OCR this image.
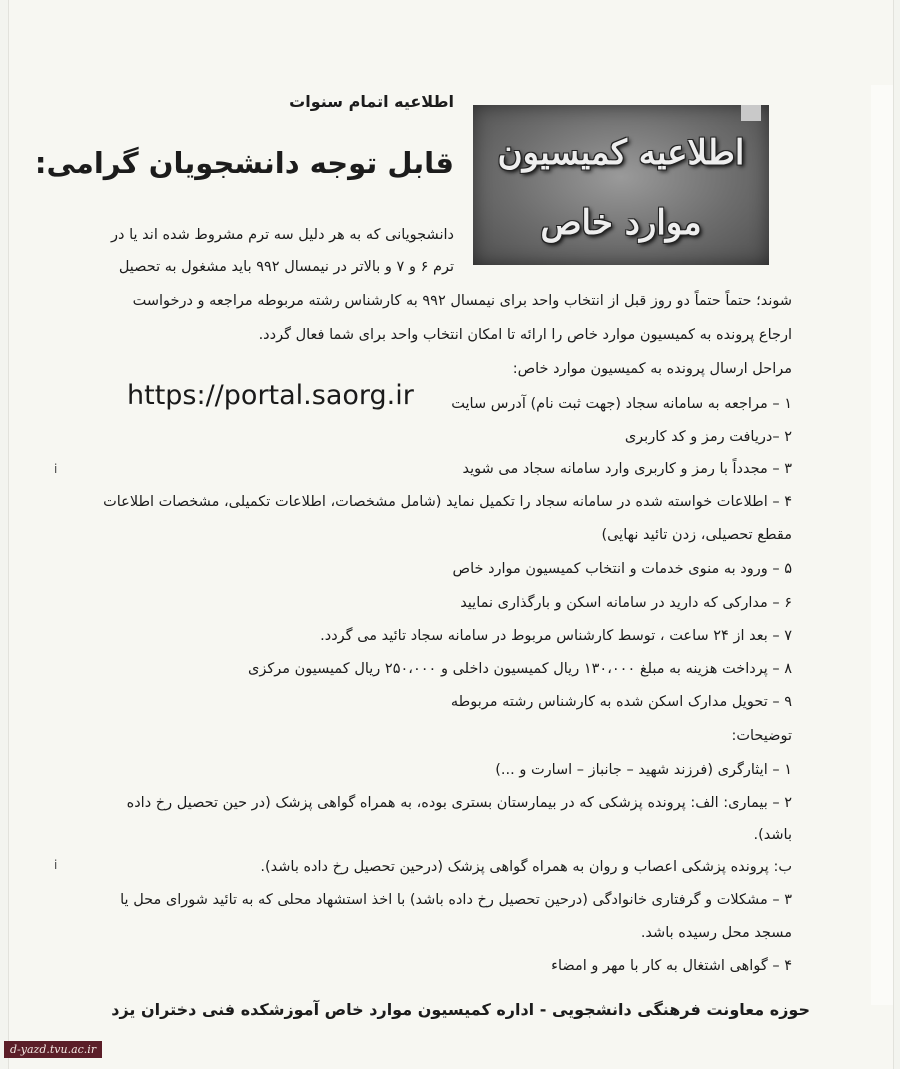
اطلاعیه کمیسیون
موارد خاص
اطلاعیه اتمام سنوات
قابل توجه دانشجویان گرامی:
دانشجویانی که به هر دلیل سه ترم مشروط شده اند یا در
ترم ۶ و ۷ و بالاتر در نیمسال ۹۹۲ باید مشغول به تحصیل
شوند؛ حتماً حتماً دو روز قبل از انتخاب واحد برای نیمسال ۹۹۲ به کارشناس رشته مربوطه مراجعه و درخواست
ارجاع پرونده به کمیسیون موارد خاص را ارائه تا امکان انتخاب واحد برای شما فعال گردد.
مراحل ارسال پرونده به کمیسیون موارد خاص:
۱ – مراجعه به سامانه سجاد (جهت ثبت نام) آدرس سایت
https://portal.saorg.ir
۲ –دریافت رمز و کد کاربری
۳ – مجدداً با رمز و کاربری وارد سامانه سجاد می شوید
۴ – اطلاعات خواسته شده در سامانه سجاد را تکمیل نماید (شامل مشخصات، اطلاعات تکمیلی، مشخصات اطلاعات
مقطع تحصیلی، زدن تائید نهایی)
۵ – ورود به منوی خدمات و انتخاب کمیسیون موارد خاص
۶ – مدارکی که دارید در سامانه اسکن و بارگذاری نمایید
۷ – بعد از ۲۴ ساعت ، توسط کارشناس مربوط در سامانه سجاد تائید می گردد.
۸ – پرداخت هزینه به مبلغ ۱۳۰،۰۰۰ ریال کمیسیون داخلی و ۲۵۰،۰۰۰ ریال کمیسیون مرکزی
۹ – تحویل مدارک اسکن شده به کارشناس رشته مربوطه
توضیحات:
۱ – ایثارگری (فرزند شهید – جانباز – اسارت و ...)
۲ – بیماری: الف: پرونده پزشکی که در بیمارستان بستری بوده، به همراه گواهی پزشک (در حین تحصیل رخ داده
باشد).
ب: پرونده پزشکی اعصاب و روان به همراه گواهی پزشک (درحین تحصیل رخ داده باشد).
۳ – مشکلات و گرفتاری خانوادگی (درحین تحصیل رخ داده باشد) با اخذ استشهاد محلی که به تائید شورای محل یا
مسجد محل رسیده باشد.
۴ – گواهی اشتغال به کار با مهر و امضاء
حوزه معاونت فرهنگی دانشجویی - اداره کمیسیون موارد خاص آموزشکده فنی دختران یزد
ⅰ
ⅰ
d-yazd.tvu.ac.ir
